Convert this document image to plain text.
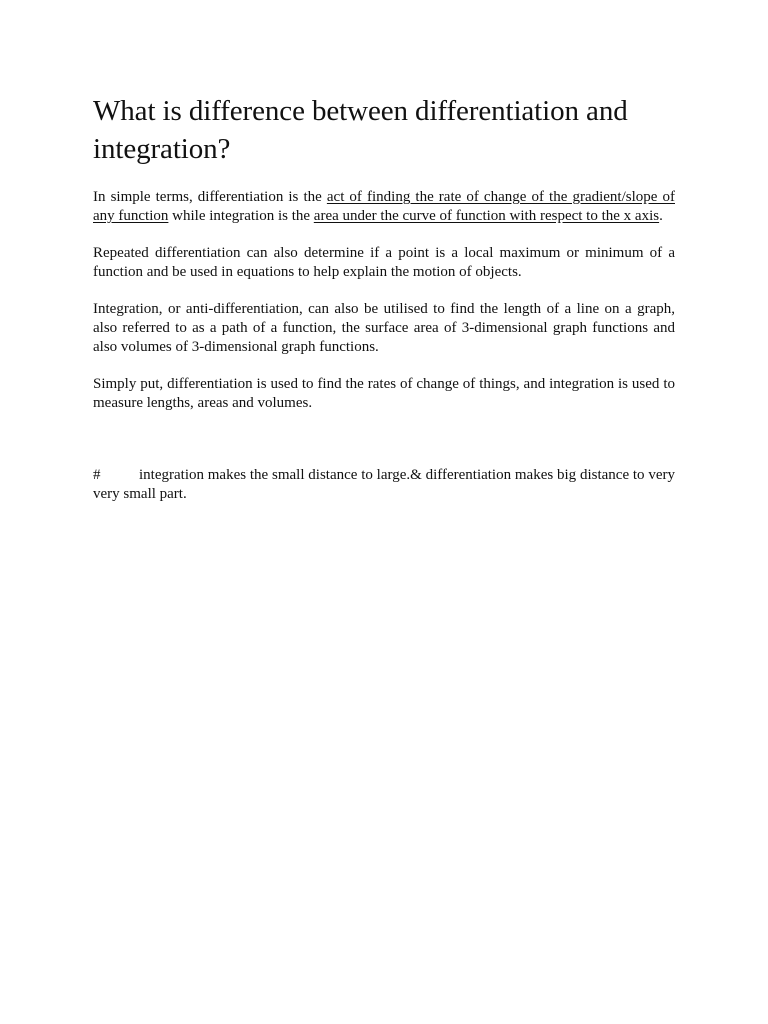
What is difference between differentiation and integration?

In simple terms, differentiation is the act of finding the rate of change of the gradient/slope of any function while integration is the area under the curve of function with respect to the x axis.

Repeated differentiation can also determine if a point is a local maximum or minimum of a function and be used in equations to help explain the motion of objects.

Integration, or anti-differentiation, can also be utilised to find the length of a line on a graph, also referred to as a path of a function, the surface area of 3-dimensional graph functions and also volumes of 3-dimensional graph functions.

Simply put, differentiation is used to find the rates of change of things, and integration is used to measure lengths, areas and volumes.

#	integration makes the small distance to large.& differentiation makes big distance to very very small part.
